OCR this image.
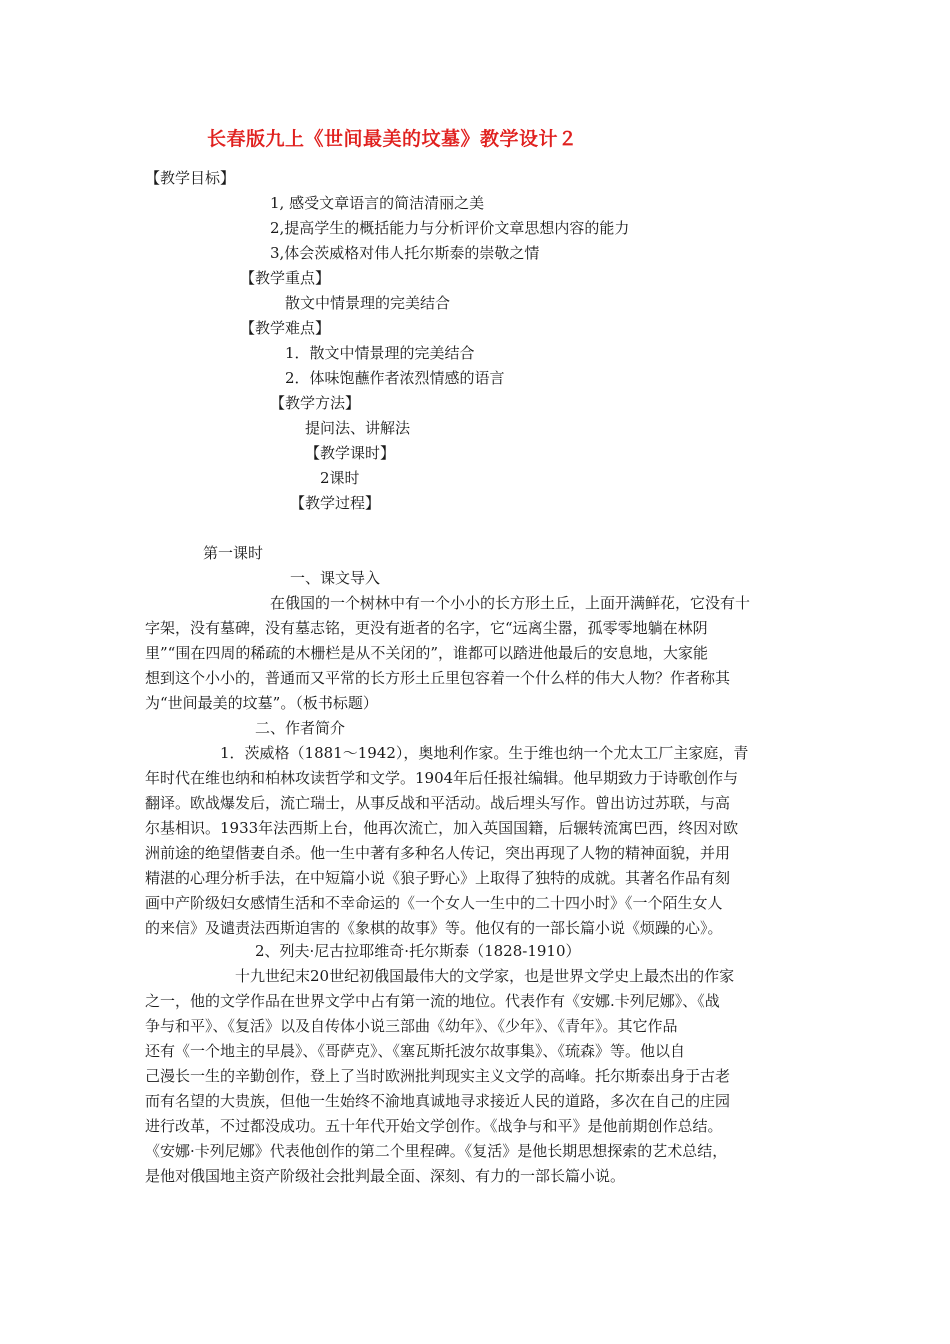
长春版九上《世间最美的坟墓》教学设计２
【教学目标】
1, 感受文章语言的简洁清丽之美
2,提高学生的概括能力与分析评价文章思想内容的能力
3,体会茨威格对伟人托尔斯泰的崇敬之情
【教学重点】
散文中情景理的完美结合
【教学难点】
1．散文中情景理的完美结合
2．体味饱蘸作者浓烈情感的语言
【教学方法】
提问法、讲解法
【教学课时】
2课时
【教学过程】
第一课时
一、课文导入
在俄国的一个树林中有一个小小的长方形土丘，上面开满鲜花，它没有十
字架，没有墓碑，没有墓志铭，更没有逝者的名字，它“远离尘嚣，孤零零地躺在林阴
里”“围在四周的稀疏的木栅栏是从不关闭的”，谁都可以踏进他最后的安息地，大家能
想到这个小小的，普通而又平常的长方形土丘里包容着一个什么样的伟大人物？作者称其
为“世间最美的坟墓”。（板书标题）
二、作者简介
1．茨威格（1881～1942），奥地利作家。生于维也纳一个尤太工厂主家庭，青
年时代在维也纳和柏林攻读哲学和文学。1904年后任报社编辑。他早期致力于诗歌创作与
翻译。欧战爆发后，流亡瑞士，从事反战和平活动。战后埋头写作。曾出访过苏联，与高
尔基相识。1933年法西斯上台，他再次流亡，加入英国国籍，后辗转流寓巴西，终因对欧
洲前途的绝望偕妻自杀。他一生中著有多种名人传记，突出再现了人物的精神面貌，并用
精湛的心理分析手法，在中短篇小说《狼子野心》上取得了独特的成就。其著名作品有刻
画中产阶级妇女感情生活和不幸命运的《一个女人一生中的二十四小时》《一个陌生女人
的来信》及谴责法西斯迫害的《象棋的故事》等。他仅有的一部长篇小说《烦躁的心》。
2、列夫·尼古拉耶维奇·托尔斯泰（1828-1910）
十九世纪末20世纪初俄国最伟大的文学家，也是世界文学史上最杰出的作家
之一，他的文学作品在世界文学中占有第一流的地位。代表作有《安娜.卡列尼娜》、《战
争与和平》、《复活》以及自传体小说三部曲《幼年》、《少年》、《青年》。其它作品
还有《一个地主的早晨》、《哥萨克》、《塞瓦斯托波尔故事集》、《琉森》等。他以自
己漫长一生的辛勤创作，登上了当时欧洲批判现实主义文学的高峰。托尔斯泰出身于古老
而有名望的大贵族，但他一生始终不渝地真诚地寻求接近人民的道路，多次在自己的庄园
进行改革，不过都没成功。五十年代开始文学创作。《战争与和平》是他前期创作总结。
《安娜·卡列尼娜》代表他创作的第二个里程碑。《复活》是他长期思想探索的艺术总结，
是他对俄国地主资产阶级社会批判最全面、深刻、有力的一部长篇小说。
